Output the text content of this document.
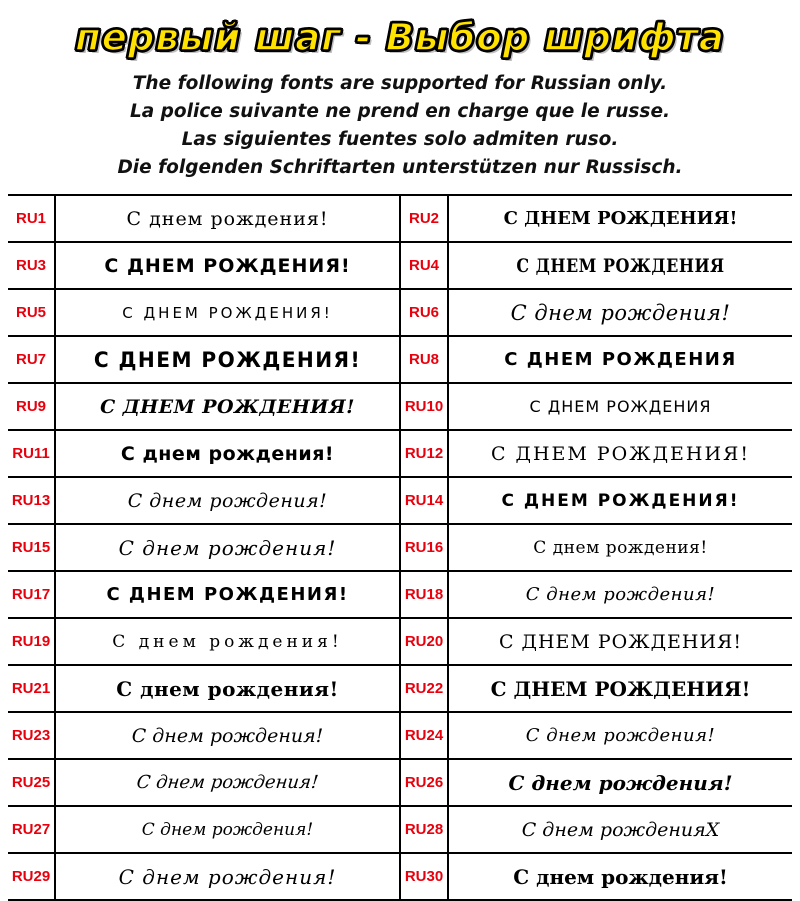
первый шаг - Выбор шрифта
The following fonts are supported for Russian only.
La police suivante ne prend en charge que le russe.
Las siguientes fuentes solo admiten ruso.
Die folgenden Schriftarten unterstützen nur Russisch.
RU1	С днем рождения!	RU2	С ДНЕМ РОЖДЕНИЯ!
RU3	С ДНЕМ РОЖДЕНИЯ!	RU4	С ДНЕМ РОЖДЕНИЯ
RU5	С ДНЕМ РОЖДЕНИЯ!	RU6	С днем рождения!
RU7	С ДНЕМ РОЖДЕНИЯ!	RU8	С ДНЕМ РОЖДЕНИЯ
RU9	С ДНЕМ РОЖДЕНИЯ!	RU10	С ДНЕМ РОЖДЕНИЯ
RU11	С днем рождения!	RU12	С ДНЕМ РОЖДЕНИЯ!
RU13	С днем рождения!	RU14	С ДНЕМ РОЖДЕНИЯ!
RU15	С днем рождения!	RU16	С днем рождения!
RU17	С ДНЕМ РОЖДЕНИЯ!	RU18	С днем рождения!
RU19	С днем рождения!	RU20	С ДНЕМ РОЖДЕНИЯ!
RU21	С днем рождения!	RU22	С ДНЕМ РОЖДЕНИЯ!
RU23	С днем рождения!	RU24	С днем рождения!
RU25	С днем рождения!	RU26	С днем рождения!
RU27	С днем рождения!	RU28	С днем рожденияХ
RU29	С днем рождения!	RU30	С днем рождения!
